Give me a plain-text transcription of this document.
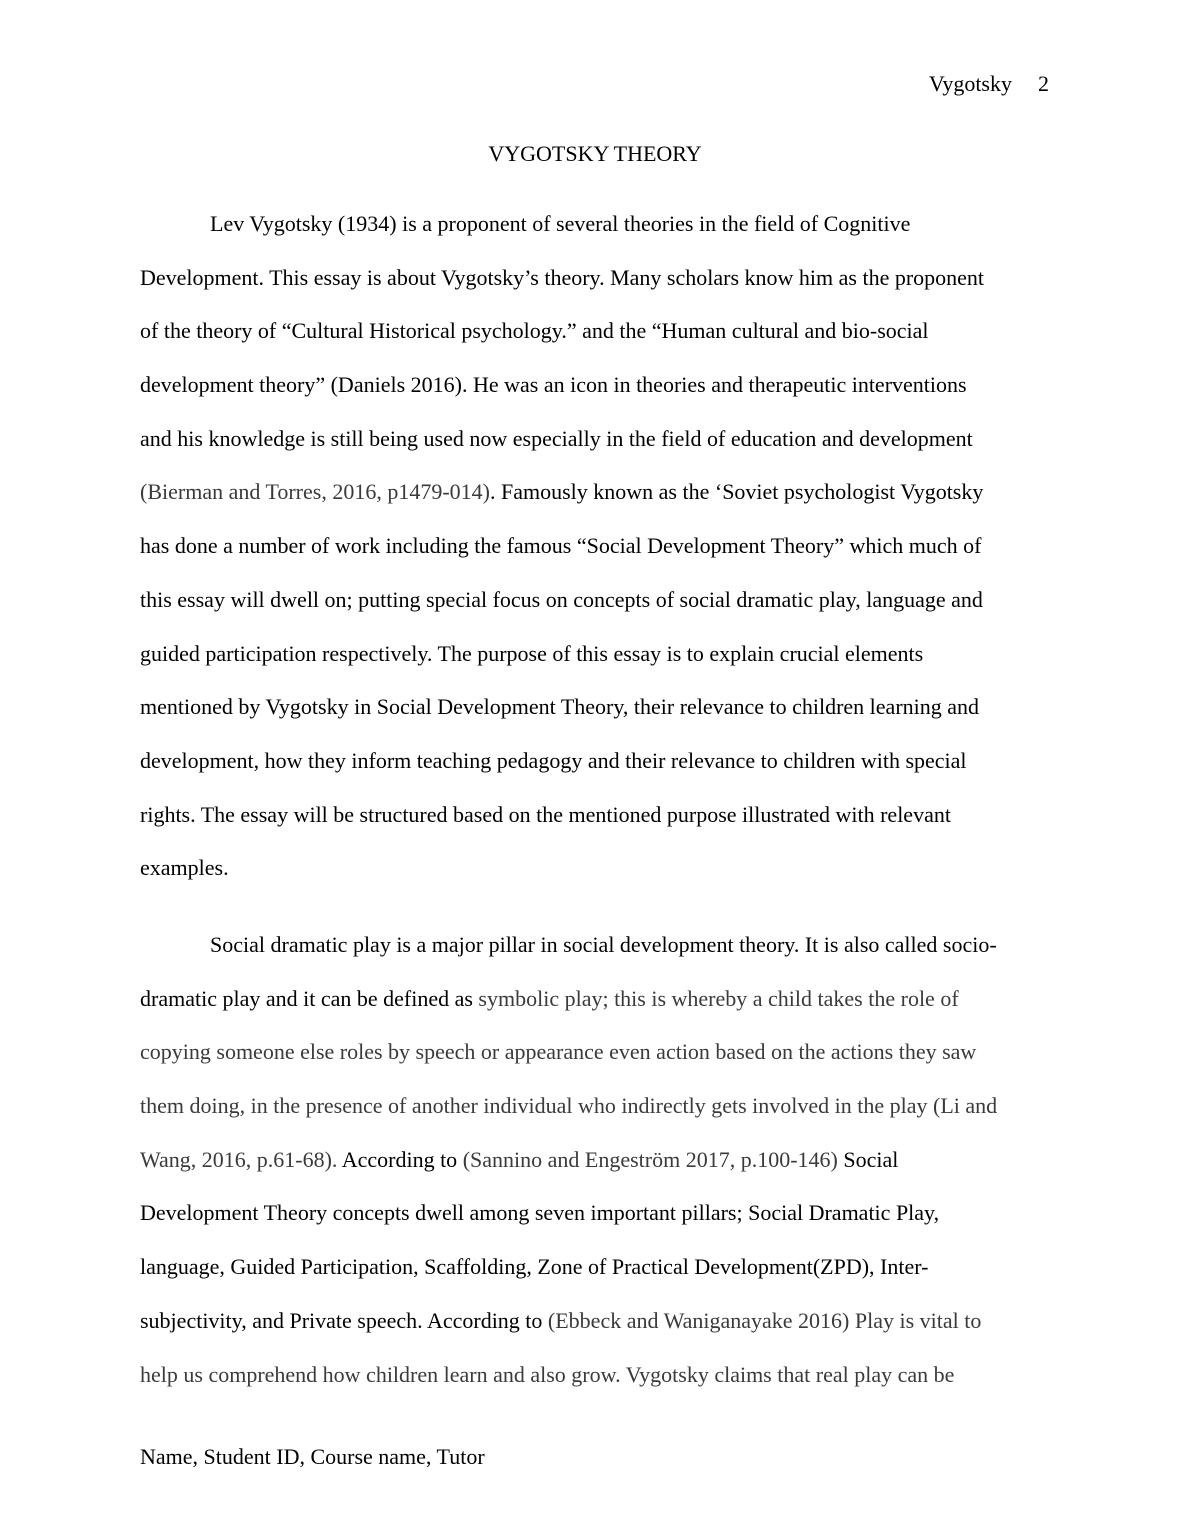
Vygotsky 2
VYGOTSKY THEORY
Lev Vygotsky (1934) is a proponent of several theories in the field of Cognitive
Development. This essay is about Vygotsky’s theory. Many scholars know him as the proponent
of the theory of “Cultural Historical psychology.” and the “Human cultural and bio-social
development theory” (Daniels 2016). He was an icon in theories and therapeutic interventions
and his knowledge is still being used now especially in the field of education and development
(Bierman and Torres, 2016, p1479-014). Famously known as the ‘Soviet psychologist Vygotsky
has done a number of work including the famous “Social Development Theory” which much of
this essay will dwell on; putting special focus on concepts of social dramatic play, language and
guided participation respectively. The purpose of this essay is to explain crucial elements
mentioned by Vygotsky in Social Development Theory, their relevance to children learning and
development, how they inform teaching pedagogy and their relevance to children with special
rights. The essay will be structured based on the mentioned purpose illustrated with relevant
examples.
Social dramatic play is a major pillar in social development theory. It is also called socio-
dramatic play and it can be defined as symbolic play; this is whereby a child takes the role of
copying someone else roles by speech or appearance even action based on the actions they saw
them doing, in the presence of another individual who indirectly gets involved in the play (Li and
Wang, 2016, p.61-68). According to (Sannino and Engeström 2017, p.100-146) Social
Development Theory concepts dwell among seven important pillars; Social Dramatic Play,
language, Guided Participation, Scaffolding, Zone of Practical Development(ZPD), Inter-
subjectivity, and Private speech. According to (Ebbeck and Waniganayake 2016) Play is vital to
help us comprehend how children learn and also grow. Vygotsky claims that real play can be
Name, Student ID, Course name, Tutor
